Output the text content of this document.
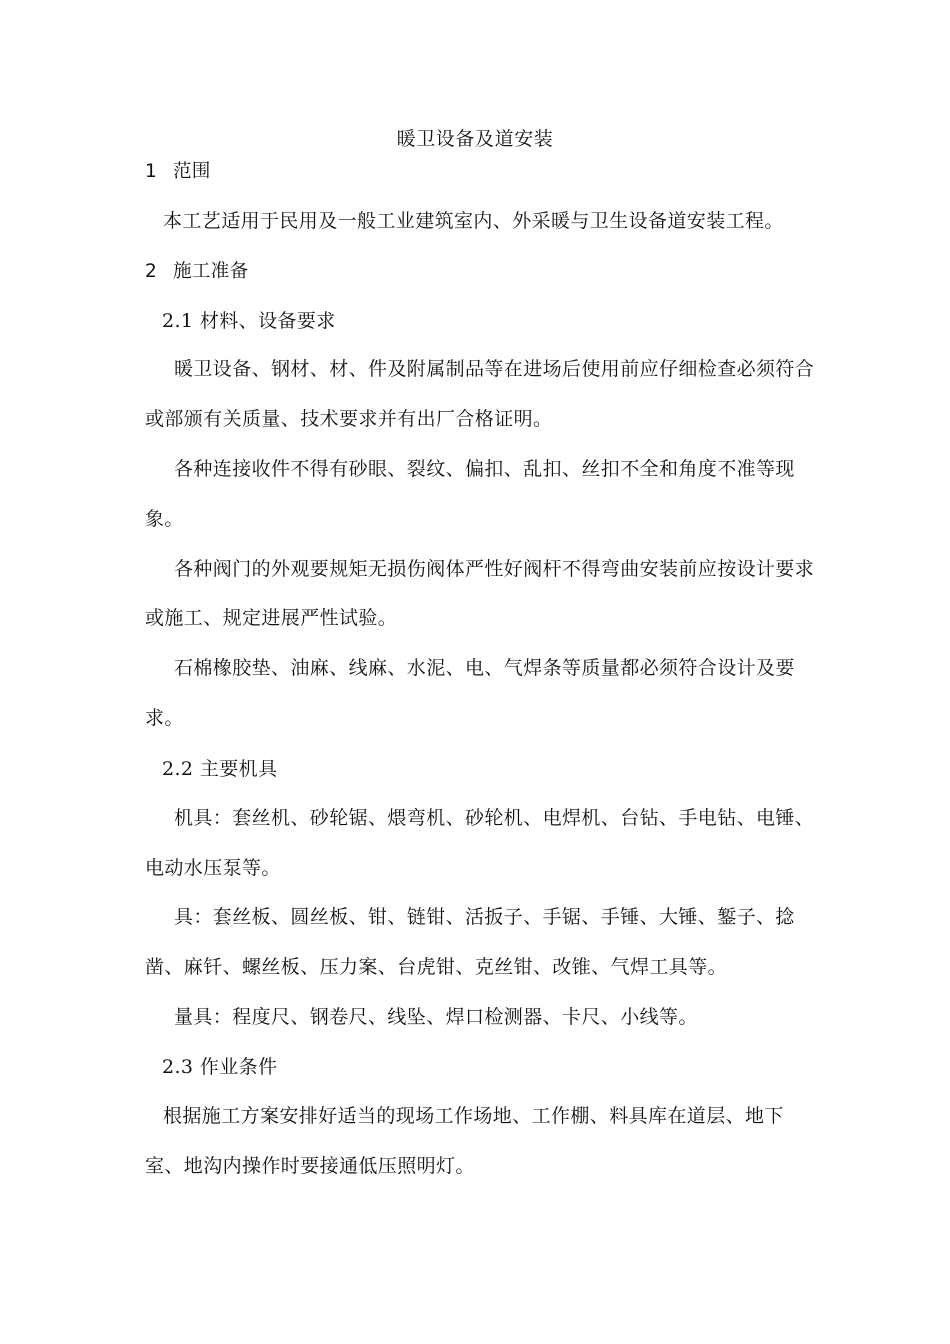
暖卫设备及道安装
1 范围
本工艺适用于民用及一般工业建筑室内、外采暖与卫生设备道安装工程。
2 施工准备
2.1 材料、设备要求
暖卫设备、钢材、材、件及附属制品等在进场后使用前应仔细检查必须符合
或部颁有关质量、技术要求并有出厂合格证明。
各种连接收件不得有砂眼、裂纹、偏扣、乱扣、丝扣不全和角度不准等现
象。
各种阀门的外观要规矩无损伤阀体严性好阀杆不得弯曲安装前应按设计要求
或施工、规定进展严性试验。
石棉橡胶垫、油麻、线麻、水泥、电、气焊条等质量都必须符合设计及要
求。
2.2 主要机具
机具：套丝机、砂轮锯、煨弯机、砂轮机、电焊机、台钻、手电钻、电锤、
电动水压泵等。
具：套丝板、圆丝板、钳、链钳、活扳子、手锯、手锤、大锤、錾子、捻
凿、麻钎、螺丝板、压力案、台虎钳、克丝钳、改锥、气焊工具等。
量具：程度尺、钢卷尺、线坠、焊口检测器、卡尺、小线等。
2.3 作业条件
根据施工方案安排好适当的现场工作场地、工作棚、料具库在道层、地下
室、地沟内操作时要接通低压照明灯。
